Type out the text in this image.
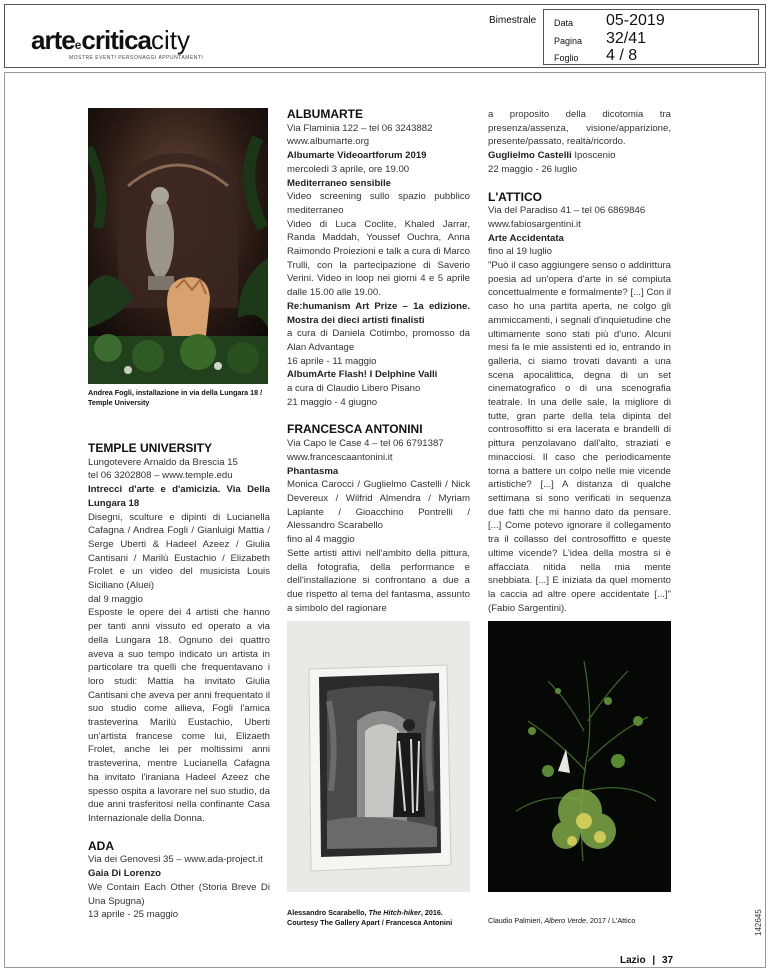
arteecriticacity
MOSTRE EVENTI PERSONAGGI APPUNTAMENTI
Bimestrale Data 05-2019
Pagina 32/41
Foglio 4 / 8
Andrea Fogli, installazione in via della Lungara 18 / Temple University

TEMPLE UNIVERSITY

Lungotevere Arnaldo da Brescia 15

tel 06 3202808 – www.temple.edu

Intrecci d'arte e d'amicizia. Via Della Lungara 18

Disegni, sculture e dipinti di Lucianella Cafagna / Andrea Fogli / Gianluigi Mattia / Serge Uberti & Hadeel Azeez / Giulia Cantisani / Marilù Eustachio / Elizabeth Frolet e un video del musicista Louis Siciliano (Aluei)

dal 9 maggio

Esposte le opere dei 4 artisti che hanno per tanti anni vissuto ed operato a via della Lungara 18. Ognuno dei quattro aveva a suo tempo indicato un artista in particolare tra quelli che frequentavano i loro studi: Mattia ha invitato Giulia Cantisani che aveva per anni frequentato il suo studio come allieva, Fogli l'amica trasteverina Marilù Eustachio, Uberti un'artista francese come lui, Elizaeth Frolet, anche lei per moltissimi anni trasteverina, mentre Lucianella Cafagna ha invitato l'iraniana Hadeel Azeez che spesso ospita a lavorare nel suo studio, da due anni trasferitosi nella confinante Casa Internazionale della Donna.

ADA

Via dei Genovesi 35 – www.ada-project.it

Gaia Di Lorenzo

We Contain Each Other (Storia Breve Di Una Spugna)

13 aprile - 25 maggio

ALBUMARTE

Via Flaminia 122 – tel 06 3243882

www.albumarte.org

Albumarte Videoartforum 2019

mercoledì 3 aprile, ore 19.00

Mediterraneo sensibile

Video screening sullo spazio pubblico mediterraneo

Video di Luca Coclite, Khaled Jarrar, Randa Maddah, Youssef Ouchra, Anna Raimondo Proiezioni e talk a cura di Marco Trulli, con la partecipazione di Saverio Verini. Video in loop nei giorni 4 e 5 aprile dalle 15.00 alle 19.00.

Re:humanism Art Prize – 1a edizione. Mostra dei dieci artisti finalisti

a cura di Daniela Cotimbo, promosso da Alan Advantage

16 aprile - 11 maggio

AlbumArte Flash! I Delphine Valli

a cura di Claudio Libero Pisano

21 maggio - 4 giugno

FRANCESCA ANTONINI

Via Capo le Case 4 – tel 06 6791387

www.francescaantonini.it

Phantasma

Monica Carocci / Guglielmo Castelli / Nick Devereux / Wilfrid Almendra / Myriam Laplante / Gioacchino Pontrelli / Alessandro Scarabello

fino al 4 maggio

Sette artisti attivi nell'ambito della pittura, della fotografia, della performance e dell'installazione si confrontano a due a due rispetto al tema del fantasma, assunto a simbolo del ragionare

a proposito della dicotomia tra presenza/assenza, visione/apparizione, presente/passato, realtà/ricordo.

Guglielmo Castelli Iposcenio

22 maggio - 26 luglio

L'ATTICO

Via del Paradiso 41 – tel 06 6869846

www.fabiosargentini.it

Arte Accidentata

fino al 19 luglio

"Può il caso aggiungere senso o addirittura poesia ad un'opera d'arte in sé compiuta concettualmente e formalmente? [...] Con il caso ho una partita aperta, ne colgo gli ammiccamenti, i segnali d'inquietudine che ultimamente sono stati più d'uno. Alcuni mesi fa le mie assistenti ed io, entrando in galleria, ci siamo trovati davanti a una scena apocalittica, degna di un set cinematografico o di una scenografia teatrale. In una delle sale, la migliore di tutte, gran parte della tela dipinta del controsoffitto si era lacerata e brandelli di pittura penzolavano dall'alto, straziati e minacciosi. Il caso che periodicamente torna a battere un colpo nelle mie vicende artistiche? [...] A distanza di qualche settimana si sono verificati in sequenza due fatti che mi hanno dato da pensare. [...] Come potevo ignorare il collegamento tra il collasso del controsoffitto e queste ultime vicende? L'idea della mostra si è affacciata nitida nella mia mente snebbiata. [...] E iniziata da quel momento la caccia ad altre opere accidentate [...]" (Fabio Sargentini).

Alessandro Scarabello, The Hitch-hiker, 2016. Courtesy The Gallery Apart / Francesca Antonini	Claudio Palmieri, Albero Verde, 2017 / L'Attico
Lazio | 37
142645
